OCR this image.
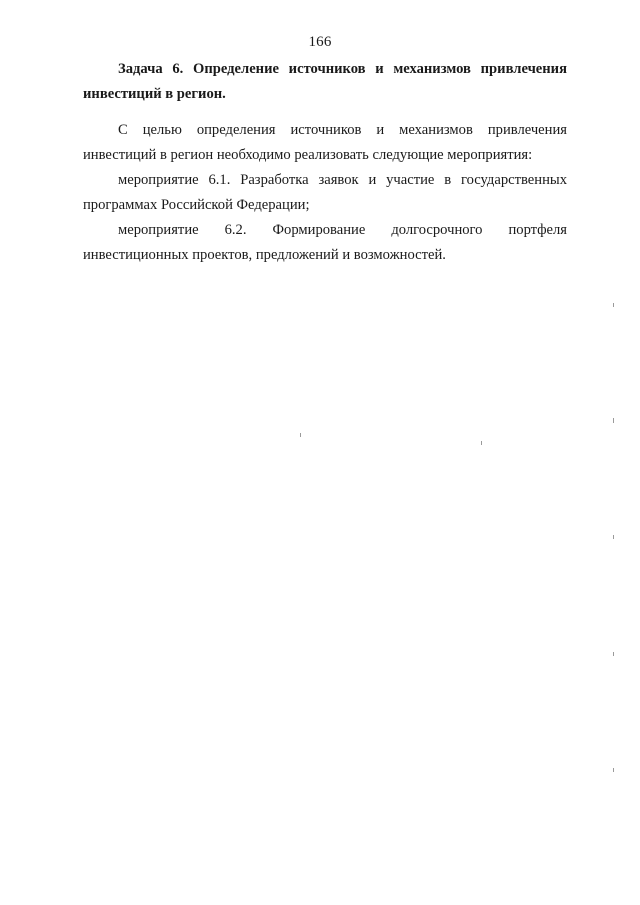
166
Задача 6. Определение источников и механизмов привлечения инвестиций в регион.

С целью определения источников и механизмов привлечения инвестиций в регион необходимо реализовать следующие мероприятия:

мероприятие 6.1. Разработка заявок и участие в государственных программах Российской Федерации;

мероприятие 6.2. Формирование долгосрочного портфеля инвестиционных проектов, предложений и возможностей.
